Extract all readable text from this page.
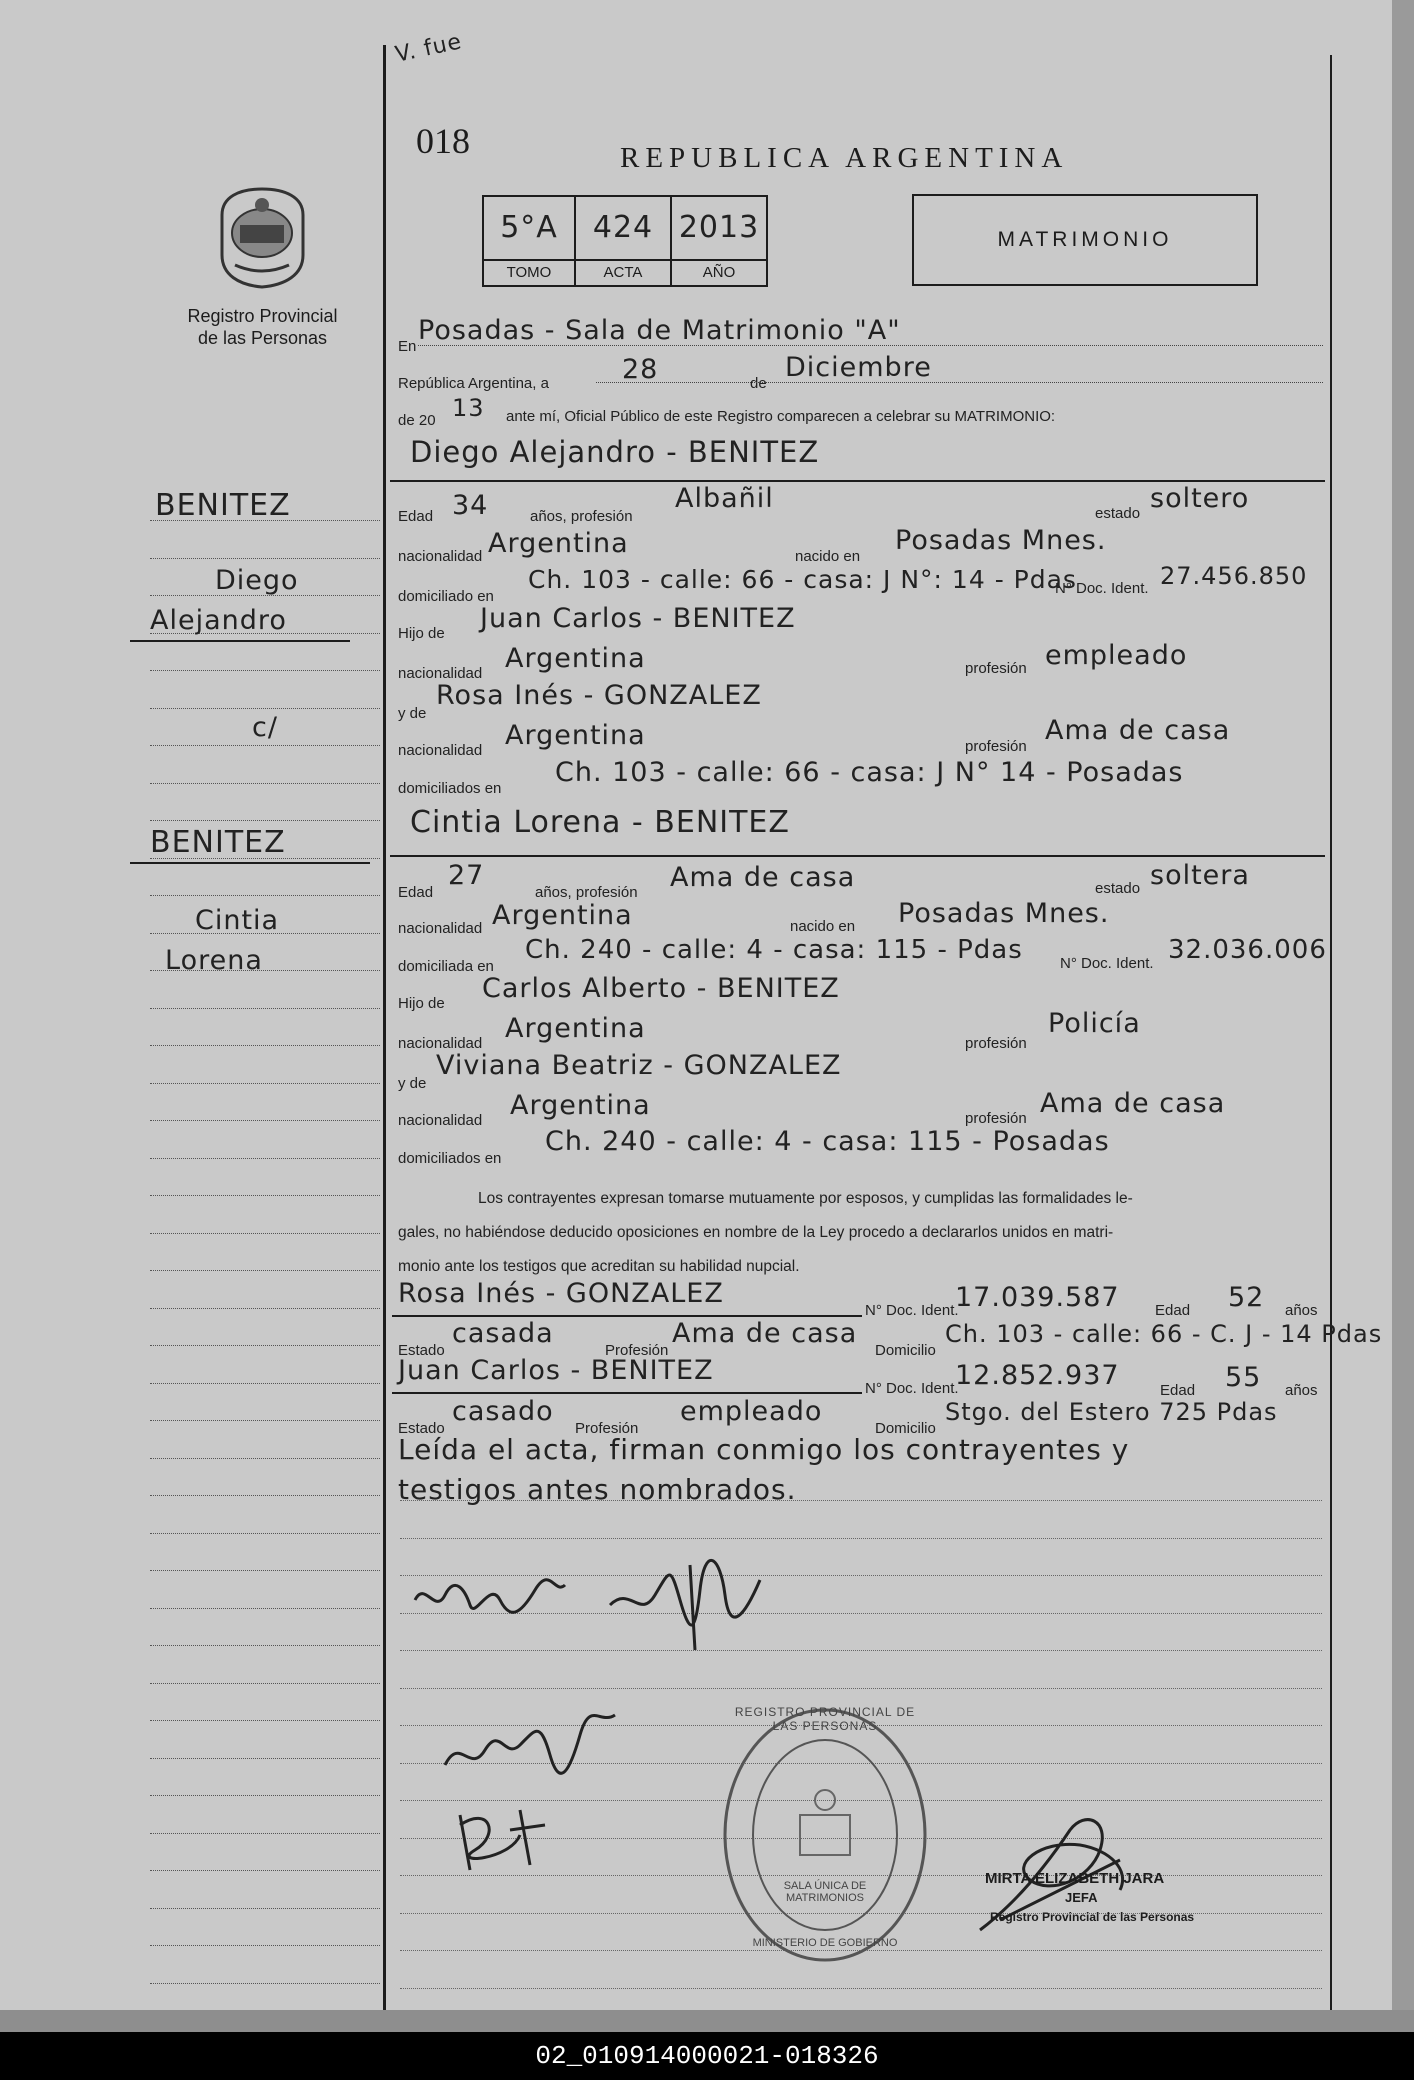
V. fue
Registro Provincial
de las Personas
018	REPUBLICA ARGENTINA
5°A	424 2013
TOMO	ACTA	AÑO
MATRIMONIO
BENITEZ
Diego
Alejandro
c/
BENITEZ
Cintia
Lorena
En
Posadas - Sala de Matrimonio "A"
República Argentina, a	28	de
Diciembre
de 20 13 ante mí, Oficial Público de este Registro comparecen a celebrar su MATRIMONIO:
Diego Alejandro - BENITEZ
Edad 34	años, profesión
Albañil	estado soltero
nacionalidad Argentina	nacido en
Posadas Mnes.
domiciliado en
Ch. 103 - calle: 66 - casa: J N°: 14 - Pdas
N° Doc. Ident. 27.456.850
Hijo de Juan Carlos - BENITEZ
nacionalidad Argentina	profesión empleado
y de
Rosa Inés - GONZALEZ
nacionalidad Argentina	profesión
Ama de casa
domiciliados en
Ch. 103 - calle: 66 - casa: J N° 14 - Posadas
Cintia Lorena - BENITEZ
Edad
27
años, profesión Ama de casa	estado soltera
nacionalidad Argentina	nacido en Posadas Mnes.
domiciliada en
Ch. 240 - calle: 4 - casa: 115 - Pdas N° Doc. Ident. 32.036.006
Hijo de Carlos Alberto - BENITEZ
nacionalidad Argentina	profesión
Policía
y de
Viviana Beatriz - GONZALEZ
nacionalidad Argentina	profesión Ama de casa
domiciliados en
Ch. 240 - calle: 4 - casa: 115 - Posadas
Los contrayentes expresan tomarse mutuamente por esposos, y cumplidas las formalidades le-
gales, no habiéndose deducido oposiciones en nombre de la Ley procedo a declararlos unidos en matri-
monio ante los testigos que acreditan su habilidad nupcial.
Rosa Inés - GONZALEZ
N° Doc. Ident.
17.039.587 Edad 52 años
Estado
casada
Profesión
Ama de casa
Domicilio
Ch. 103 - calle: 66 - C. J - 14 Pdas
Juan Carlos - BENITEZ
N° Doc. Ident.
12.852.937	Edad 55 años
Estado
casado
Profesión
empleado
Domicilio
Stgo. del Estero 725 Pdas
Leída el acta, firman conmigo los contrayentes y
testigos antes nombrados.
REGISTRO PROVINCIAL DE LAS PERSONAS
SALA ÚNICA DE MATRIMONIOS
MINISTERIO DE GOBIERNO
MIRTA ELIZABETH JARA
JEFA
Registro Provincial de las Personas
02_010914000021-018326
